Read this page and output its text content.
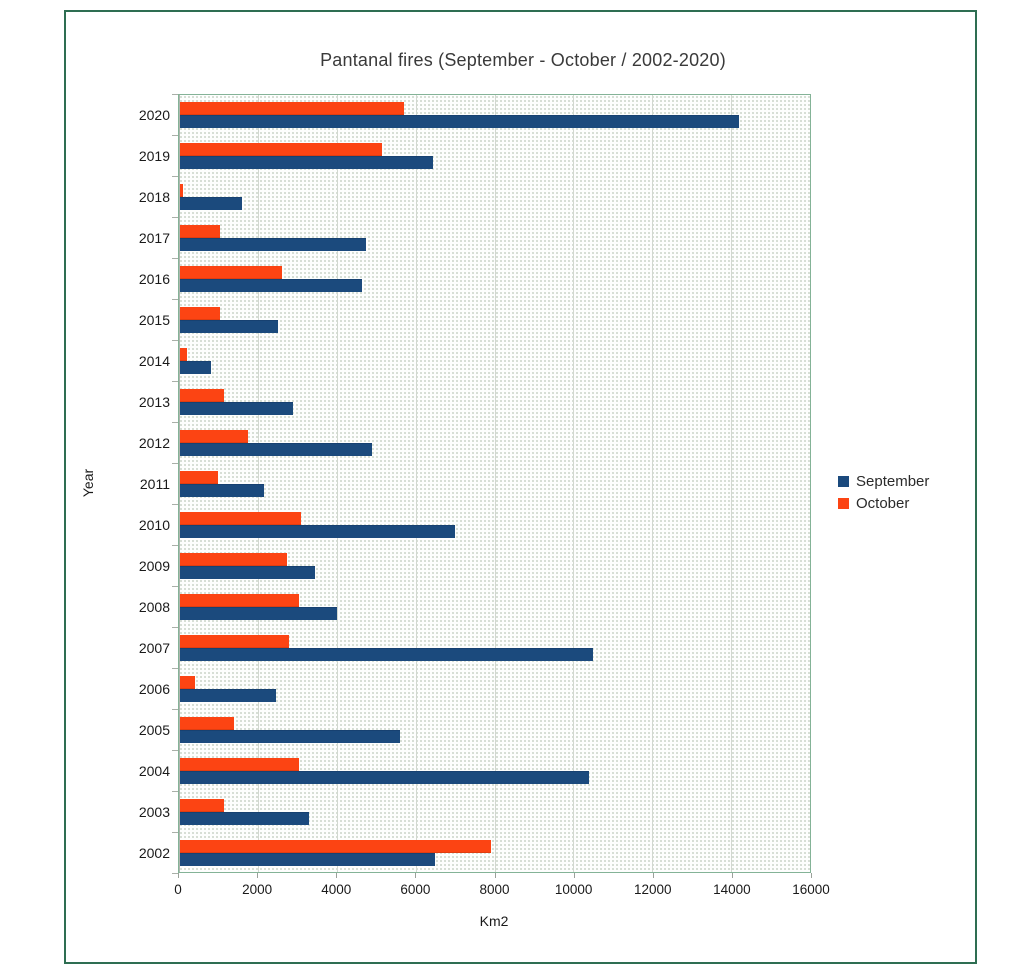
Pantanal fires (September - October / 2002-2020)
2020
2019
2018
2017
2016
2015
2014
2013
2012
2011
2010
2009
2008
2007
2006
2005
2004
2003
2002
0	2000	4000	6000	8000	10000	12000	14000	16000
Km2
Year	September
October
